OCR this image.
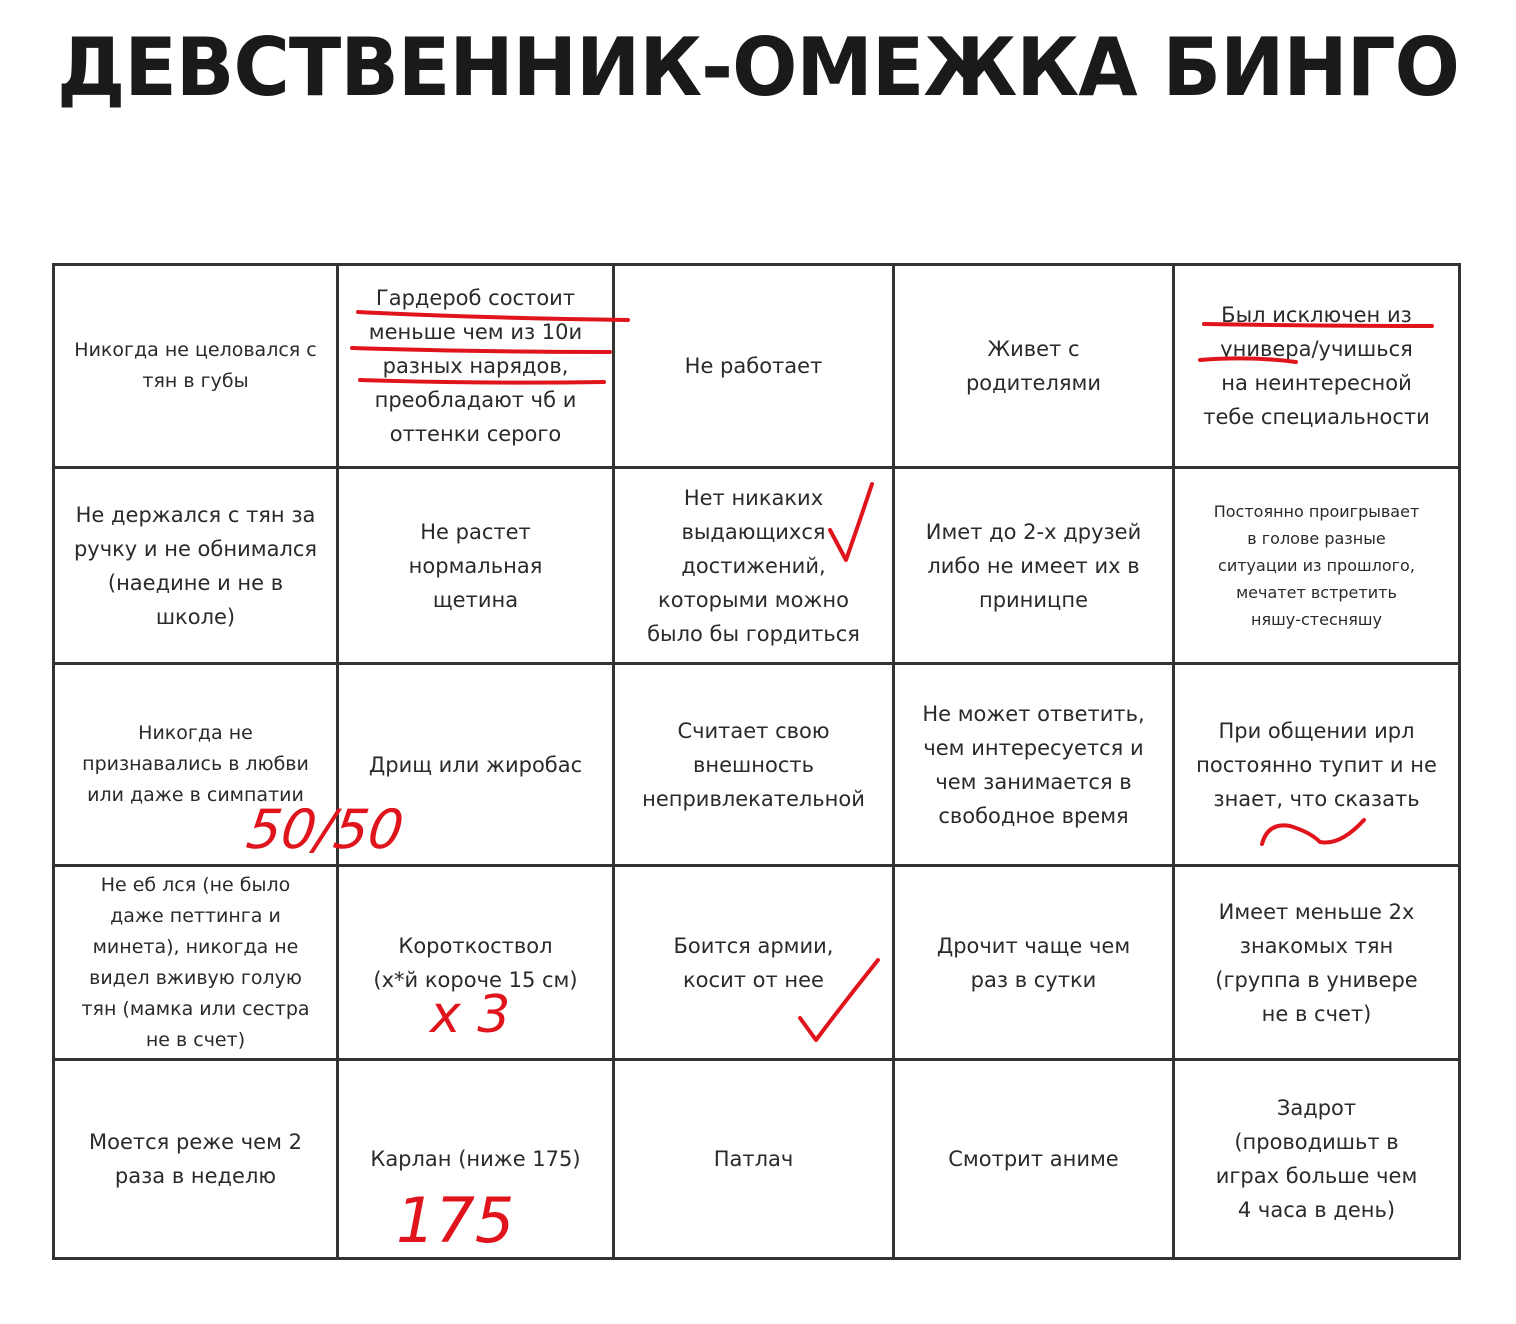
ДЕВСТВЕННИК-ОМЕЖКА БИНГО
Никогда не целовался с
тян в губы
Гардероб состоит
меньше чем из 10и
разных нарядов,
преобладают чб и
оттенки серого
Не работает
Живет с
родителями
Был исключен из
универа/учишься
на неинтересной
тебе специальности
Не держался с тян за
ручку и не обнимался
(наедине и не в
школе)
Не растет
нормальная
щетина
Нет никаких
выдающихся
достижений,
которыми можно
было бы гордиться
Имет до 2-х друзей
либо не имеет их в
приницпе
Постоянно проигрывает
в голове разные
ситуации из прошлого,
мечатет встретить
няшу-стесняшу
Никогда не
признавались в любви
или даже в симпатии
Дрищ или жиробас
Считает свою
внешность
непривлекательной
Не может ответить,
чем интересуется и
чем занимается в
свободное время
При общении ирл
постоянно тупит и не
знает, что сказать
Не еб лся (не было
даже петтинга и
минета), никогда не
видел вживую голую
тян (мамка или сестра
не в счет)
Короткоствол
(х*й короче 15 см)
Боится армии,
косит от нее
Дрочит чаще чем
раз в сутки
Имеет меньше 2х
знакомых тян
(группа в универе
не в счет)
Моется реже чем 2
раза в неделю
Карлан (ниже 175)	Патлач	Смотрит аниме
Задрот
(проводишьт в
играх больше чем
4 часа в день)
50/50
x 3
175
